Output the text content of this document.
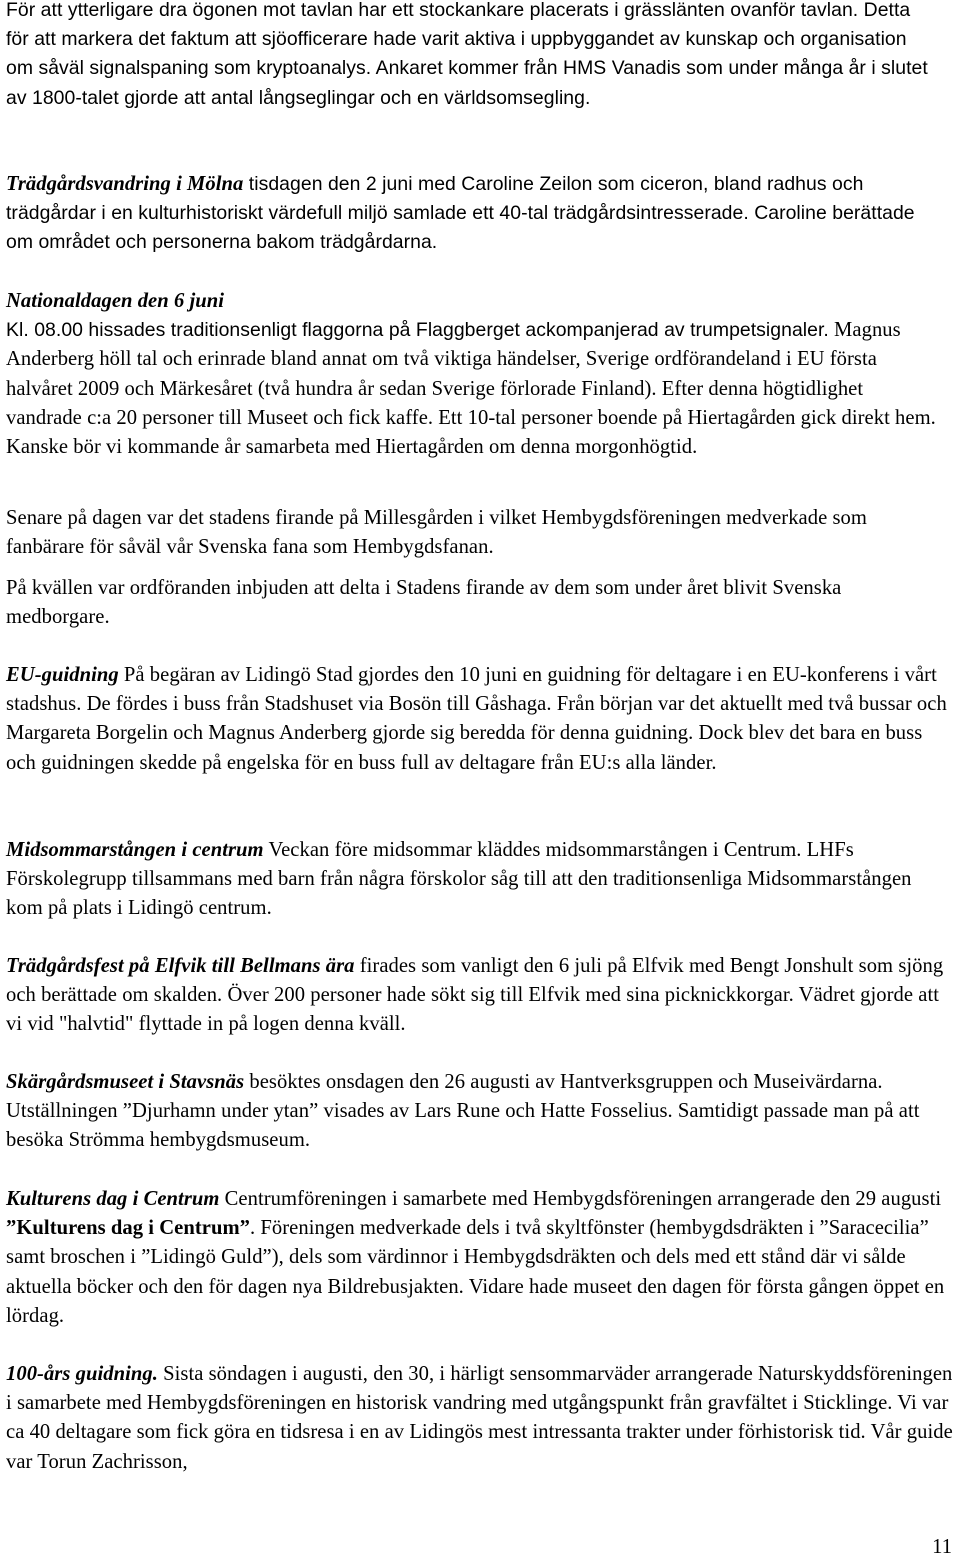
För att ytterligare dra ögonen mot tavlan har ett stockankare placerats i grässlänten ovanför tavlan. Detta för att markera det faktum att sjöofficerare hade varit aktiva i uppbyggandet av kunskap och organisation om såväl signalspaning som kryptoanalys. Ankaret kommer från HMS Vanadis som under många år i slutet av 1800-talet gjorde att antal långseglingar och en världsomsegling.

Trädgårdsvandring i Mölna tisdagen den 2 juni med Caroline Zeilon som ciceron, bland radhus och trädgårdar i en kulturhistoriskt värdefull miljö samlade ett 40-tal trädgårdsintresserade. Caroline berättade om området och personerna bakom trädgårdarna.

Nationaldagen den 6 juni
Kl. 08.00 hissades traditionsenligt flaggorna på Flaggberget ackompanjerad av trumpetsignaler. Magnus Anderberg höll tal och erinrade bland annat om två viktiga händelser, Sverige ordförandeland i EU första halvåret 2009 och Märkesåret (två hundra år sedan Sverige förlorade Finland). Efter denna högtidlighet vandrade c:a 20 personer till Museet och fick kaffe. Ett 10-tal personer boende på Hiertagården gick direkt hem. Kanske bör vi kommande år samarbeta med Hiertagården om denna morgonhögtid.

Senare på dagen var det stadens firande på Millesgården i vilket Hembygdsföreningen medverkade som fanbärare för såväl vår Svenska fana som Hembygdsfanan.

På kvällen var ordföranden inbjuden att delta i Stadens firande av dem som under året blivit Svenska medborgare.

EU-guidning På begäran av Lidingö Stad gjordes den 10 juni en guidning för deltagare i en EU-konferens i vårt stadshus. De fördes i buss från Stadshuset via Bosön till Gåshaga. Från början var det aktuellt med två bussar och Margareta Borgelin och Magnus Anderberg gjorde sig beredda för denna guidning. Dock blev det bara en buss och guidningen skedde på engelska för en buss full av deltagare från EU:s alla länder.

Midsommarstången i centrum Veckan före midsommar kläddes midsommarstången i Centrum. LHFs Förskolegrupp tillsammans med barn från några förskolor såg till att den traditionsenliga Midsommarstången kom på plats i Lidingö centrum.

Trädgårdsfest på Elfvik till Bellmans ära firades som vanligt den 6 juli på Elfvik med Bengt Jonshult som sjöng och berättade om skalden. Över 200 personer hade sökt sig till Elfvik med sina picknickkorgar. Vädret gjorde att vi vid "halvtid" flyttade in på logen denna kväll.

Skärgårdsmuseet i Stavsnäs besöktes onsdagen den 26 augusti av Hantverksgruppen och Museivärdarna. Utställningen ”Djurhamn under ytan” visades av Lars Rune och Hatte Fosselius. Samtidigt passade man på att besöka Strömma hembygdsmuseum.

Kulturens dag i Centrum Centrumföreningen i samarbete med Hembygdsföreningen arrangerade den 29 augusti ”Kulturens dag i Centrum”. Föreningen medverkade dels i två skyltfönster (hembygdsdräkten i ”Saracecilia” samt broschen i ”Lidingö Guld”), dels som värdinnor i Hembygdsdräkten och dels med ett stånd där vi sålde aktuella böcker och den för dagen nya Bildrebusjakten. Vidare hade museet den dagen för första gången öppet en lördag.

100-års guidning. Sista söndagen i augusti, den 30, i härligt sensommarväder arrangerade Naturskyddsföreningen i samarbete med Hembygdsföreningen en historisk vandring med utgångspunkt från gravfältet i Sticklinge. Vi var ca 40 deltagare som fick göra en tidsresa i en av Lidingös mest intressanta trakter under förhistorisk tid. Vår guide var Torun Zachrisson,

11
